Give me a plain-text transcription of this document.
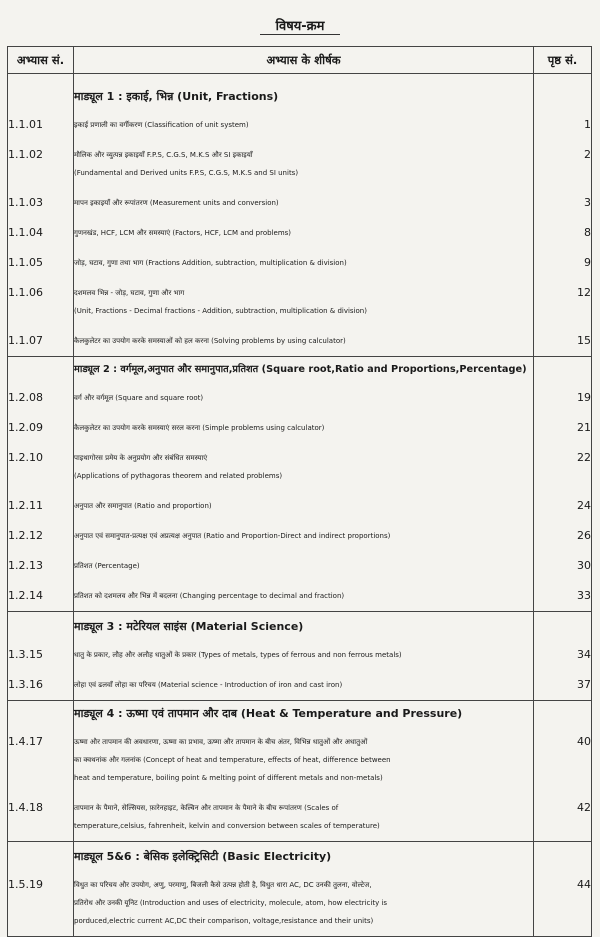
विषय-क्रम
अभ्यास सं.	अभ्यास के शीर्षक	पृष्ठ सं.
	माड्यूल 1 : इकाई, भिन्न (Unit, Fractions)	
1.1.01	इकाई प्रणाली का वर्गीकरण (Classification of unit system)	1
1.1.02	मौलिक और व्युत्पन्न इकाइयाँ F.P.S, C.G.S, M.K.S और SI इकाइयाँ
(Fundamental and Derived units F.P.S, C.G.S, M.K.S and SI units)	2
1.1.03	मापन इकाइयाँ और रूपांतरण (Measurement units and conversion)	3
1.1.04	गुणनखंड, HCF, LCM और समस्याएं (Factors, HCF, LCM and problems)	8
1.1.05	जोड़, घटाव, गुणा तथा भाग (Fractions Addition, subtraction, multiplication & division)	9
1.1.06	दशमलव भिन्न - जोड़, घटाव, गुणा और भाग
(Unit, Fractions - Decimal fractions - Addition, subtraction, multiplication & division)	12
1.1.07	कैलकुलेटर का उपयोग करके समस्याओं को हल करना (Solving problems by using calculator)	15
	माड्यूल 2 : वर्गमूल,अनुपात और समानुपात,प्रतिशत (Square root,Ratio and Proportions,Percentage)	
1.2.08	वर्ग और वर्गमूल (Square and square root)	19
1.2.09	कैलकुलेटर का उपयोग करके समस्याएं सरल करना (Simple problems using calculator)	21
1.2.10	पाइथागोरस प्रमेय के अनुप्रयोग और संबंधित समस्याएं
(Applications of pythagoras theorem and related problems)	22
1.2.11	अनुपात और समानुपात (Ratio and proportion)	24
1.2.12	अनुपात एवं समानुपात-प्रत्यक्ष एवं अप्रत्यक्ष अनुपात (Ratio and Proportion-Direct and indirect proportions)	26
1.2.13	प्रतिशत (Percentage)	30
1.2.14	प्रतिशत को दशमलव और भिन्न में बदलना (Changing percentage to decimal and fraction)	33
	माड्यूल 3 : मटेरियल साइंस (Material Science)	
1.3.15	धातु के प्रकार, लौह और अलौह धातुओं के प्रकार (Types of metals, types of ferrous and non ferrous metals)	34
1.3.16	लोहा एवं ढलवाँ लोहा का परिचय (Material science - Introduction of iron and cast iron)	37
	माड्यूल 4 : ऊष्मा एवं तापमान और दाब (Heat & Temperature and Pressure)	
1.4.17	ऊष्मा और तापमान की अवधारणा, ऊष्मा का प्रभाव, ऊष्मा और तापमान के बीच अंतर, विभिन्न धातुओं और अधातुओं
का क्वथनांक और गलनांक (Concept of heat and temperature, effects of heat, difference between
heat and temperature, boiling point & melting point of different metals and non-metals)	40
1.4.18	तापमान के पैमाने, सेल्सियस, फ़ारेनहाइट, केल्विन और तापमान के पैमाने के बीच रूपांतरण (Scales of
temperature,celsius, fahrenheit, kelvin and conversion between scales of temperature)	42
	माड्यूल 5&6 : बेसिक इलेक्ट्रिसिटी (Basic Electricity)	
1.5.19	विधुत का परिचय और उपयोग, अणु, परमाणु, बिजली कैसे उत्पन्न होती है, विधुत धारा AC, DC उनकी तुलना, वोल्टेज,
प्रतिरोध और उनकी यूनिट (Introduction and uses of electricity, molecule, atom, how electricity is
porduced,electric current AC,DC their comparison, voltage,resistance and their units)	44
